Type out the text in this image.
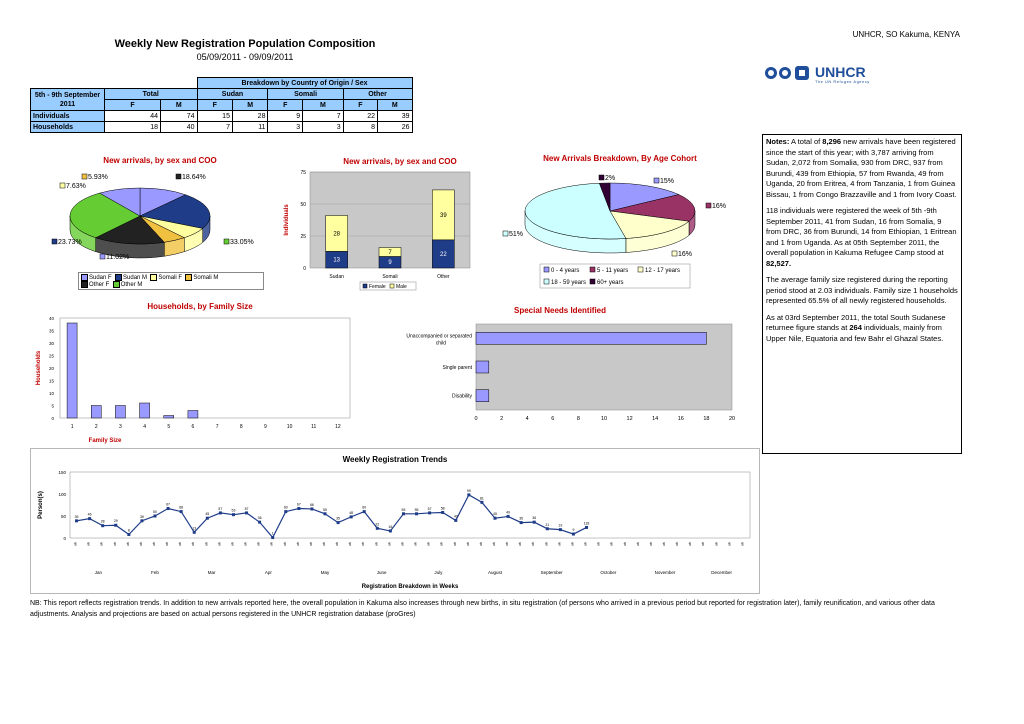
UNHCR, SO Kakuma, KENYA
Weekly New Registration Population Composition
05/09/2011 - 09/09/2011
UNHCR
The UN Refugee Agency
			Breakdown by Country of Origin / Sex					
5th - 9th September 2011	Total		Sudan		Somali		Other	
	F	M	F	M	F	M	F	M
Individuals	44	74	15	28	9	7	22	39
Households	18	40	7	11	3	3	8	26

Notes: A total of 8,296 new arrivals have been registered since the start of this year; with 3,787 arriving from Sudan, 2,072 from Somalia, 930 from DRC, 937 from Burundi, 439 from Ethiopia, 57 from Rwanda, 49 from Uganda, 20 from Eritrea, 4 from Tanzania, 1 from Guinea Bissau, 1 from Congo Brazzaville and 1 from Ivory Coast.

118 individuals were registered the week of 5th -9th September 2011, 41 from Sudan, 16 from Somalia, 9 from DRC, 36 from Burundi, 14 from Ethiopian, 1 Eritrean and 1 from Uganda. As at 05th September 2011, the overall population in Kakuma Refugee Camp stood at 82,527.

The average family size registered during the reporting period stood at 2.03 individuals. Family size 1 households represented 65.5% of all newly registered households.

As at 03rd September 2011, the total South Sudanese returnee figure stands at 264 individuals, mainly from Upper Nile, Equatoria and few Bahr el Ghazal States.

New arrivals, by sex and COO
23.73%
7.63%
5.93%	18.64%
33.05%
11.02%
Sudan F Sudan M Somali F Somali M
Other F Other M
New arrivals, by sex and COO
0
25
50
75
Individuals
13
28
Sudan
9
7
Somali
22
39
Other
Female Male
New Arrivals Breakdown, By Age Cohort
15%
16%
16%
51%
2%
0 - 4 years	5 - 11 years	12 - 17 years
18 - 59 years 60+ years
Households, by Family Size
0
5
10
15
20
25
30
35
40
Households
1	2	3	4	5	6	7	8	9	10	11	12
Family Size
Special Needs Identified
0	2	4	6	8	10	12	14	16	18	20
Unaccompanied or separated
child
Single parent
Disability
Weekly Registration Trends
0
50
100
150
Person(s)	39
46
28	29
8
39
50
67
68
13
45
57	53	57
36
1
60
67	66
55
35
48
60
22
16
55	55	57	58
40
99
81
45	49
35	36
21	19
9
118
wk	wk	wk	wk	wk	wk	wk	wk	wk	wk	wk	wk	wk	wk	wk	wk	wk	wk	wk	wk	wk	wk	wk	wk	wk	wk	wk	wk	wk	wk	wk	wk	wk	wk	wk	wk	wk	wk	wk	wk	wk	wk	wk	wk	wk	wk	wk	wk	wk	wk	wk	wk
Jan	Feb	Mar	Apr	May	June	July	August	September	October	November	December
Registration Breakdown in Weeks
NB: This report reflects registration trends. In addition to new arrivals reported here, the overall population in Kakuma also increases through new births, in situ registration (of persons who arrived in a previous period but reported for registration later), family reunification, and various other data adjustments. Analysis and projections are based on actual persons registered in the UNHCR registration database (proGres)
